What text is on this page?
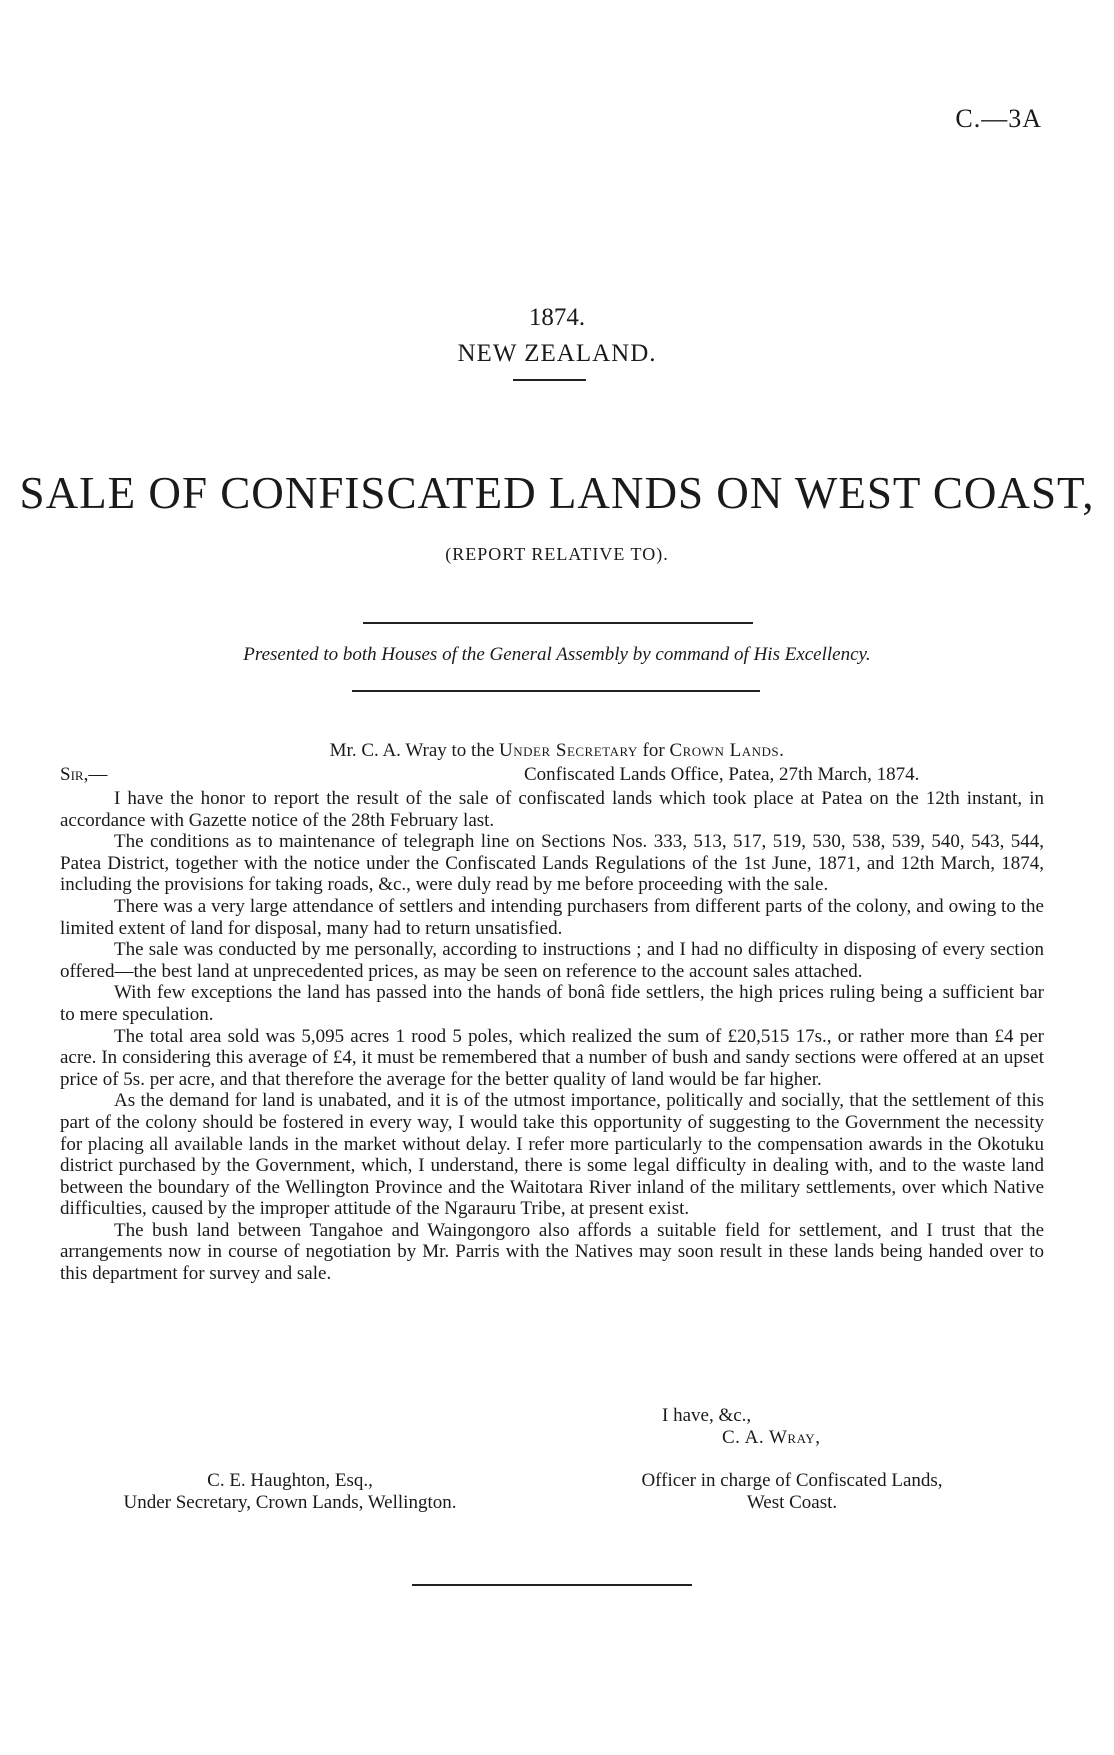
C.—3A
1874.
NEW ZEALAND.
SALE OF CONFISCATED LANDS ON WEST COAST,
(REPORT RELATIVE TO).
Presented to both Houses of the General Assembly by command of His Excellency.
Mr. C. A. Wray to the Under Secretary for Crown Lands.
Sir,—	Confiscated Lands Office, Patea, 27th March, 1874.

I have the honor to report the result of the sale of confiscated lands which took place at Patea on the 12th instant, in accordance with Gazette notice of the 28th February last.

The conditions as to maintenance of telegraph line on Sections Nos. 333, 513, 517, 519, 530, 538, 539, 540, 543, 544, Patea District, together with the notice under the Confiscated Lands Regulations of the 1st June, 1871, and 12th March, 1874, including the provisions for taking roads, &c., were duly read by me before proceeding with the sale.

There was a very large attendance of settlers and intending purchasers from different parts of the colony, and owing to the limited extent of land for disposal, many had to return unsatisfied.

The sale was conducted by me personally, according to instructions ; and I had no difficulty in disposing of every section offered—the best land at unprecedented prices, as may be seen on reference to the account sales attached.

With few exceptions the land has passed into the hands of bonâ fide settlers, the high prices ruling being a sufficient bar to mere speculation.

The total area sold was 5,095 acres 1 rood 5 poles, which realized the sum of £20,515 17s., or rather more than £4 per acre. In considering this average of £4, it must be remembered that a number of bush and sandy sections were offered at an upset price of 5s. per acre, and that therefore the average for the better quality of land would be far higher.

As the demand for land is unabated, and it is of the utmost importance, politically and socially, that the settlement of this part of the colony should be fostered in every way, I would take this opportunity of suggesting to the Government the necessity for placing all available lands in the market without delay. I refer more particularly to the compensation awards in the Okotuku district purchased by the Government, which, I understand, there is some legal difficulty in dealing with, and to the waste land between the boundary of the Wellington Province and the Waitotara River inland of the military settlements, over which Native difficulties, caused by the improper attitude of the Ngarauru Tribe, at present exist.

The bush land between Tangahoe and Waingongoro also affords a suitable field for settlement, and I trust that the arrangements now in course of negotiation by Mr. Parris with the Natives may soon result in these lands being handed over to this department for survey and sale.

I have, &c.,
C. A. Wray,
C. E. Haughton, Esq.,
Under Secretary, Crown Lands, Wellington.
Officer in charge of Confiscated Lands,
West Coast.
